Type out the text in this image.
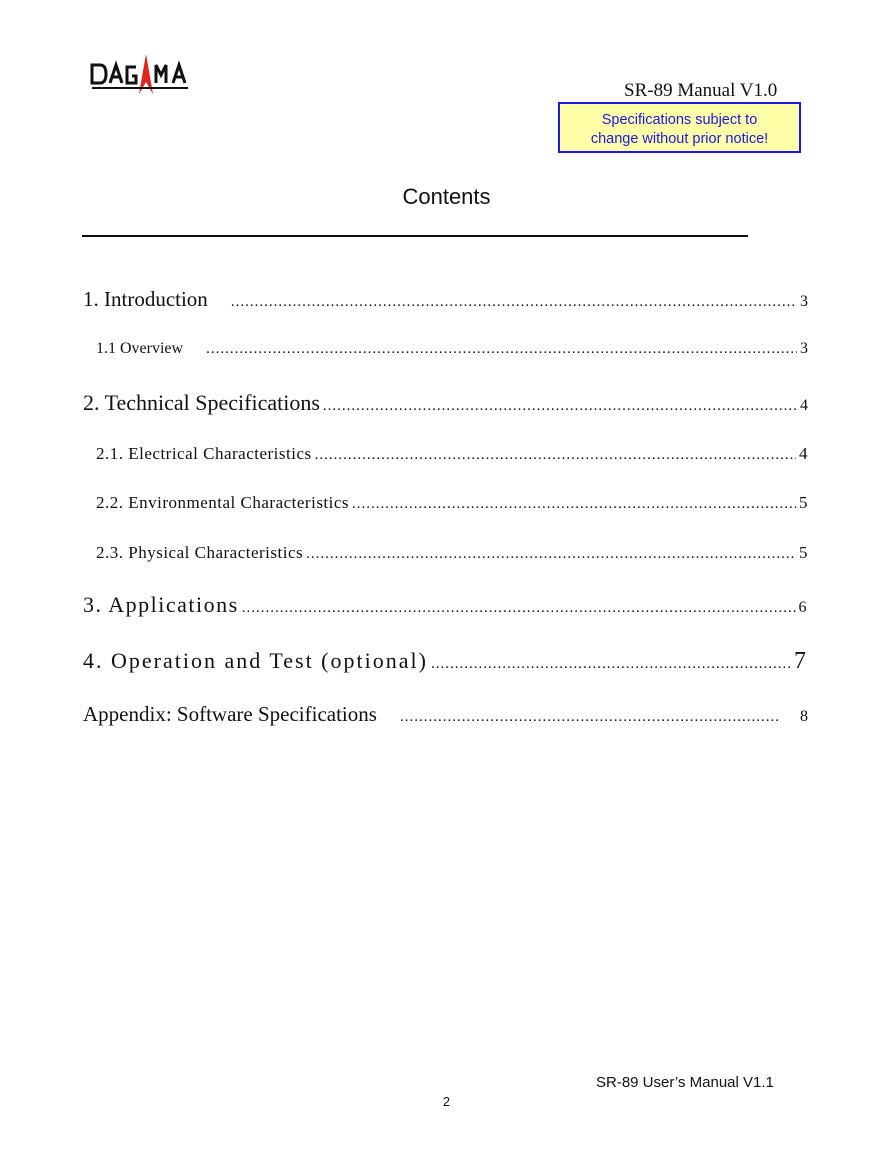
SR-89 Manual V1.0
Specifications subject to
change without prior notice!
Contents
1. Introduction .....	3
1.1 Overview .....	3
2. Technical Specifications .....	4
2.1. Electrical Characteristics .....	4
2.2. Environmental Characteristics .....	5
2.3. Physical Characteristics .....	5
3. Applications .....	6
4. Operation and Test (optional) .....	7
Appendix: Software Specifications .....	8
SR-89 User’s Manual V1.1
2
